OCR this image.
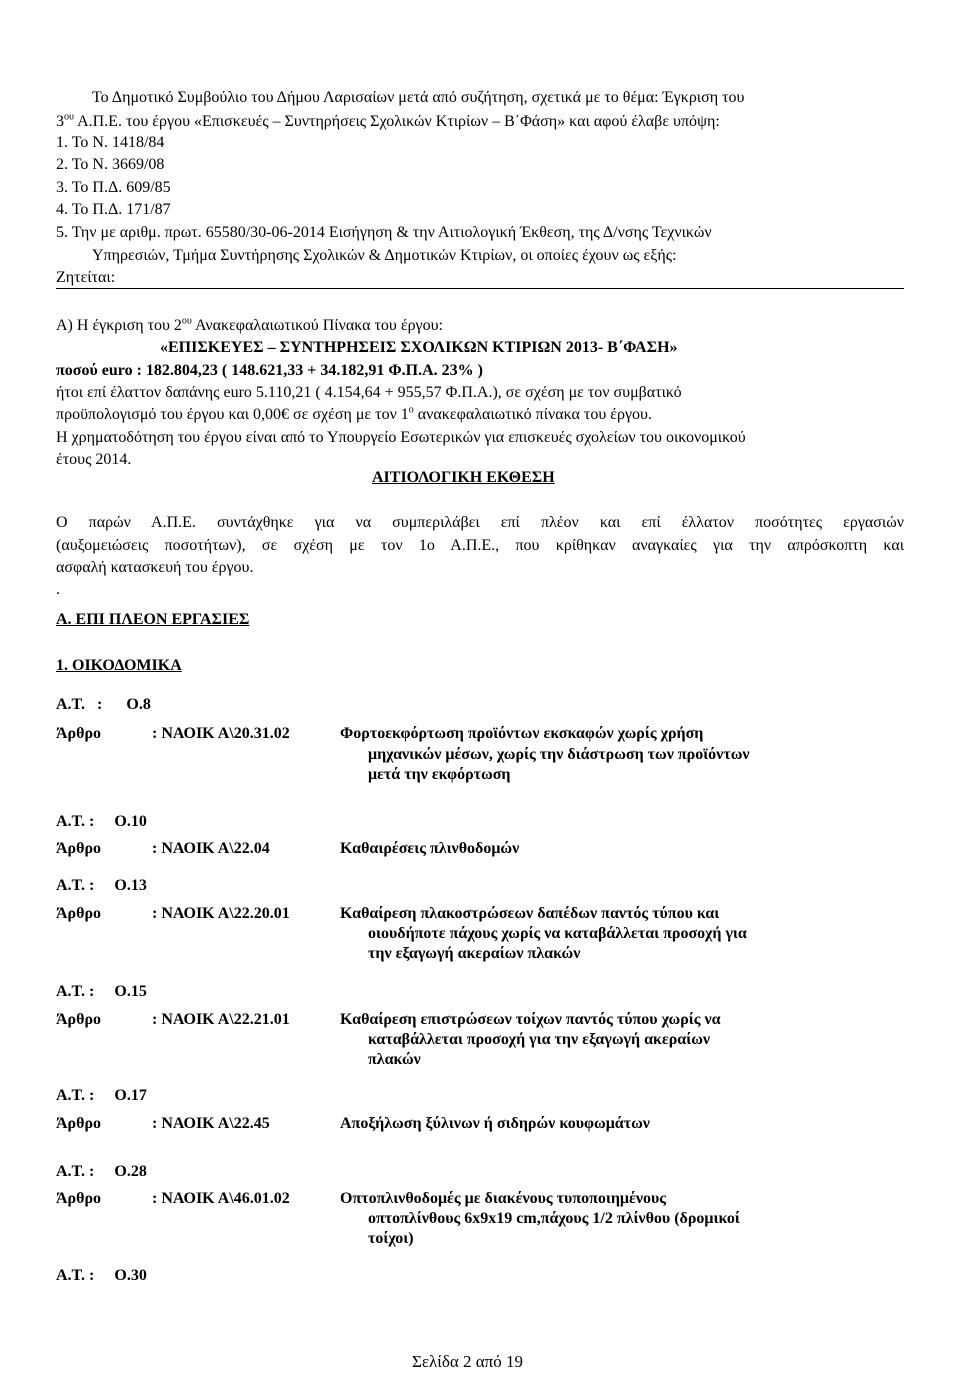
Το Δημοτικό Συμβούλιο του Δήμου Λαρισαίων μετά από συζήτηση, σχετικά με το θέμα: Έγκριση του
$3^{o\upsilon}$ Α.Π.Ε. του έργου «Επισκευές – Συντηρήσεις Σχολικών Κτιρίων – Β΄Φάση» και αφού έλαβε υπόψη:
1. Το Ν. 1418/84
2. Το Ν. 3669/08
3. Το Π.Δ. 609/85
4. Το Π.Δ. 171/87
5. Την με αριθμ. πρωτ. 65580/30-06-2014 Εισήγηση & την Αιτιολογική Έκθεση, της Δ/νσης Τεχνικών
Υπηρεσιών, Τμήμα Συντήρησης Σχολικών & Δημοτικών Κτιρίων, οι οποίες έχουν ως εξής:
Ζητείται:
Α) Η έγκριση του $2^{o\upsilon}$ Ανακεφαλαιωτικού Πίνακα του έργου:
«ΕΠΙΣΚΕΥΕΣ – ΣΥΝΤΗΡΗΣΕΙΣ ΣΧΟΛΙΚΩΝ ΚΤΙΡΙΩΝ 2013- Β΄ΦΑΣΗ»
ποσού euro : 182.804,23 ( 148.621,33 + 34.182,91 Φ.Π.Α. 23% )
ήτοι επί έλαττον δαπάνης euro 5.110,21 ( 4.154,64 + 955,57 Φ.Π.Α.), σε σχέση με τον συμβατικό
προϋπολογισμό του έργου και 0,00€ σε σχέση με τον $1^o$ ανακεφαλαιωτικό πίνακα του έργου.
Η χρηματοδότηση του έργου είναι από το Υπουργείο Εσωτερικών για επισκευές σχολείων του οικονομικού
έτους 2014.
ΑΙΤΙΟΛΟΓΙΚΗ ΕΚΘΕΣΗ
Ο παρών Α.Π.Ε. συντάχθηκε για να συμπεριλάβει επί πλέον και επί έλλατον ποσότητες εργασιών
(αυξομειώσεις ποσοτήτων), σε σχέση με τον 1ο Α.Π.Ε., που κρίθηκαν αναγκαίες για την απρόσκοπτη και
ασφαλή κατασκευή του έργου.
.
Α. ΕΠΙ ΠΛΕΟΝ ΕΡΓΑΣΙΕΣ
1. ΟΙΚΟΔΟΜΙΚΑ
Α.Τ.   :      Ο.8
Άρθρο	: ΝΑΟΙΚ Α\20.31.02	Φορτοεκφόρτωση προϊόντων εκσκαφών χωρίς χρήση
μηχανικών μέσων, χωρίς την διάστρωση των προϊόντων
μετά την εκφόρτωση
Α.Τ. :     Ο.10
Άρθρο	: ΝΑΟΙΚ Α\22.04	Καθαιρέσεις πλινθοδομών
Α.Τ. :     Ο.13
Άρθρο	: ΝΑΟΙΚ Α\22.20.01	Καθαίρεση πλακοστρώσεων δαπέδων παντός τύπου και
οιουδήποτε πάχους χωρίς να καταβάλλεται προσοχή για
την εξαγωγή ακεραίων πλακών
Α.Τ. :     Ο.15
Άρθρο	: ΝΑΟΙΚ Α\22.21.01	Καθαίρεση επιστρώσεων τοίχων παντός τύπου χωρίς να
καταβάλλεται προσοχή για την εξαγωγή ακεραίων
πλακών
Α.Τ. :     Ο.17
Άρθρο	: ΝΑΟΙΚ Α\22.45	Αποξήλωση ξύλινων ή σιδηρών κουφωμάτων
Α.Τ. :     Ο.28
Άρθρο	: ΝΑΟΙΚ Α\46.01.02	Οπτοπλινθοδομές με διακένους τυποποιημένους
οπτοπλίνθους 6x9x19 cm,πάχους 1/2 πλίνθου (δρομικοί
τοίχοι)
Α.Τ. :     Ο.30
Σελίδα 2 από 19
